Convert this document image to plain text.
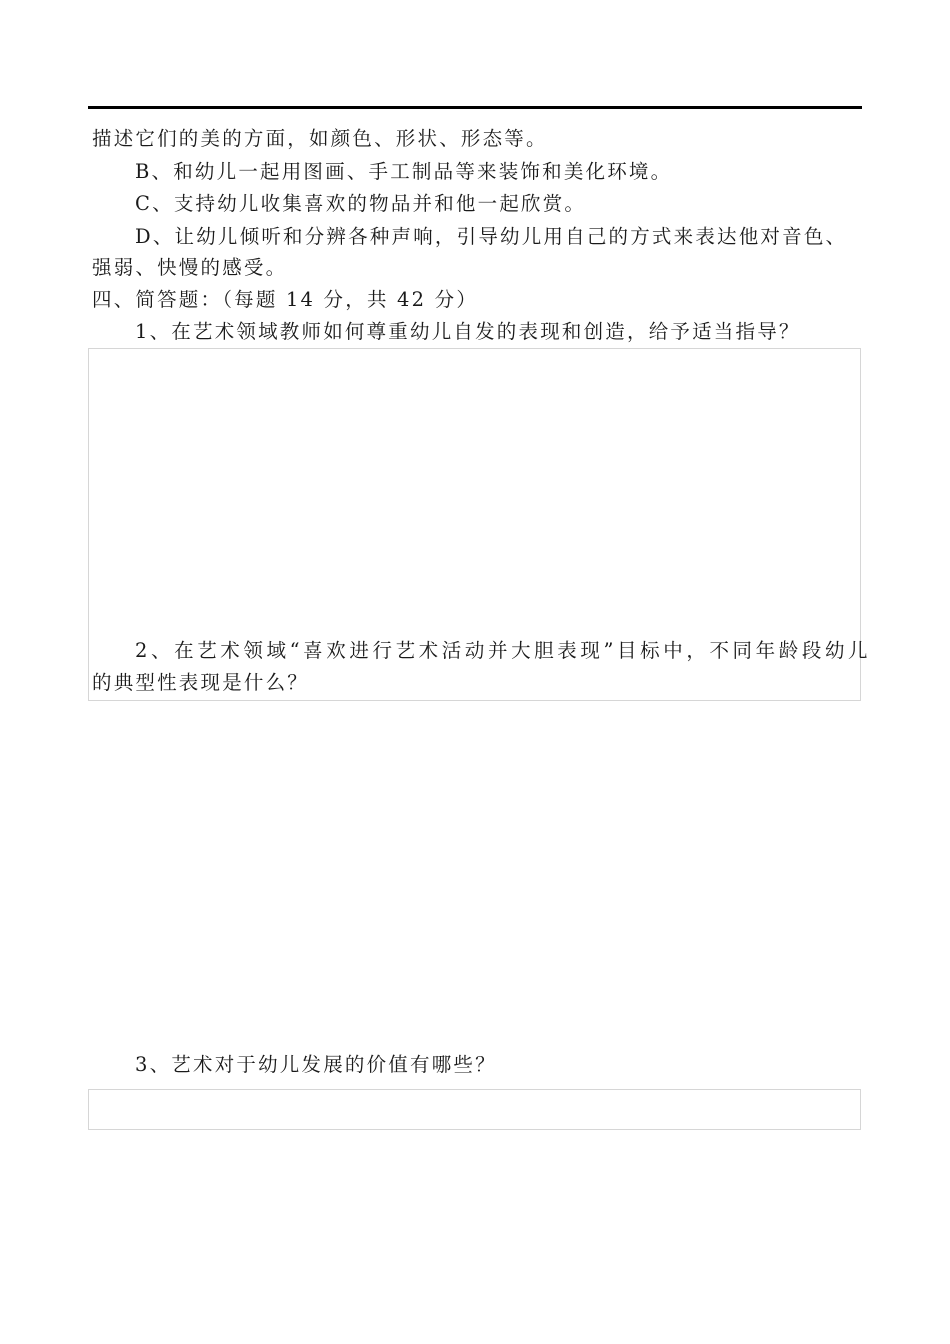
描述它们的美的方面，如颜色、形状、形态等。
B、和幼儿一起用图画、手工制品等来装饰和美化环境。
C、支持幼儿收集喜欢的物品并和他一起欣赏。
D、让幼儿倾听和分辨各种声响，引导幼儿用自己的方式来表达他对音色、
强弱、快慢的感受。
四、简答题：（每题 14 分，共 42 分）
1、在艺术领域教师如何尊重幼儿自发的表现和创造，给予适当指导？
2、在艺术领域“喜欢进行艺术活动并大胆表现”目标中，不同年龄段幼儿
的典型性表现是什么？
3、艺术对于幼儿发展的价值有哪些？
